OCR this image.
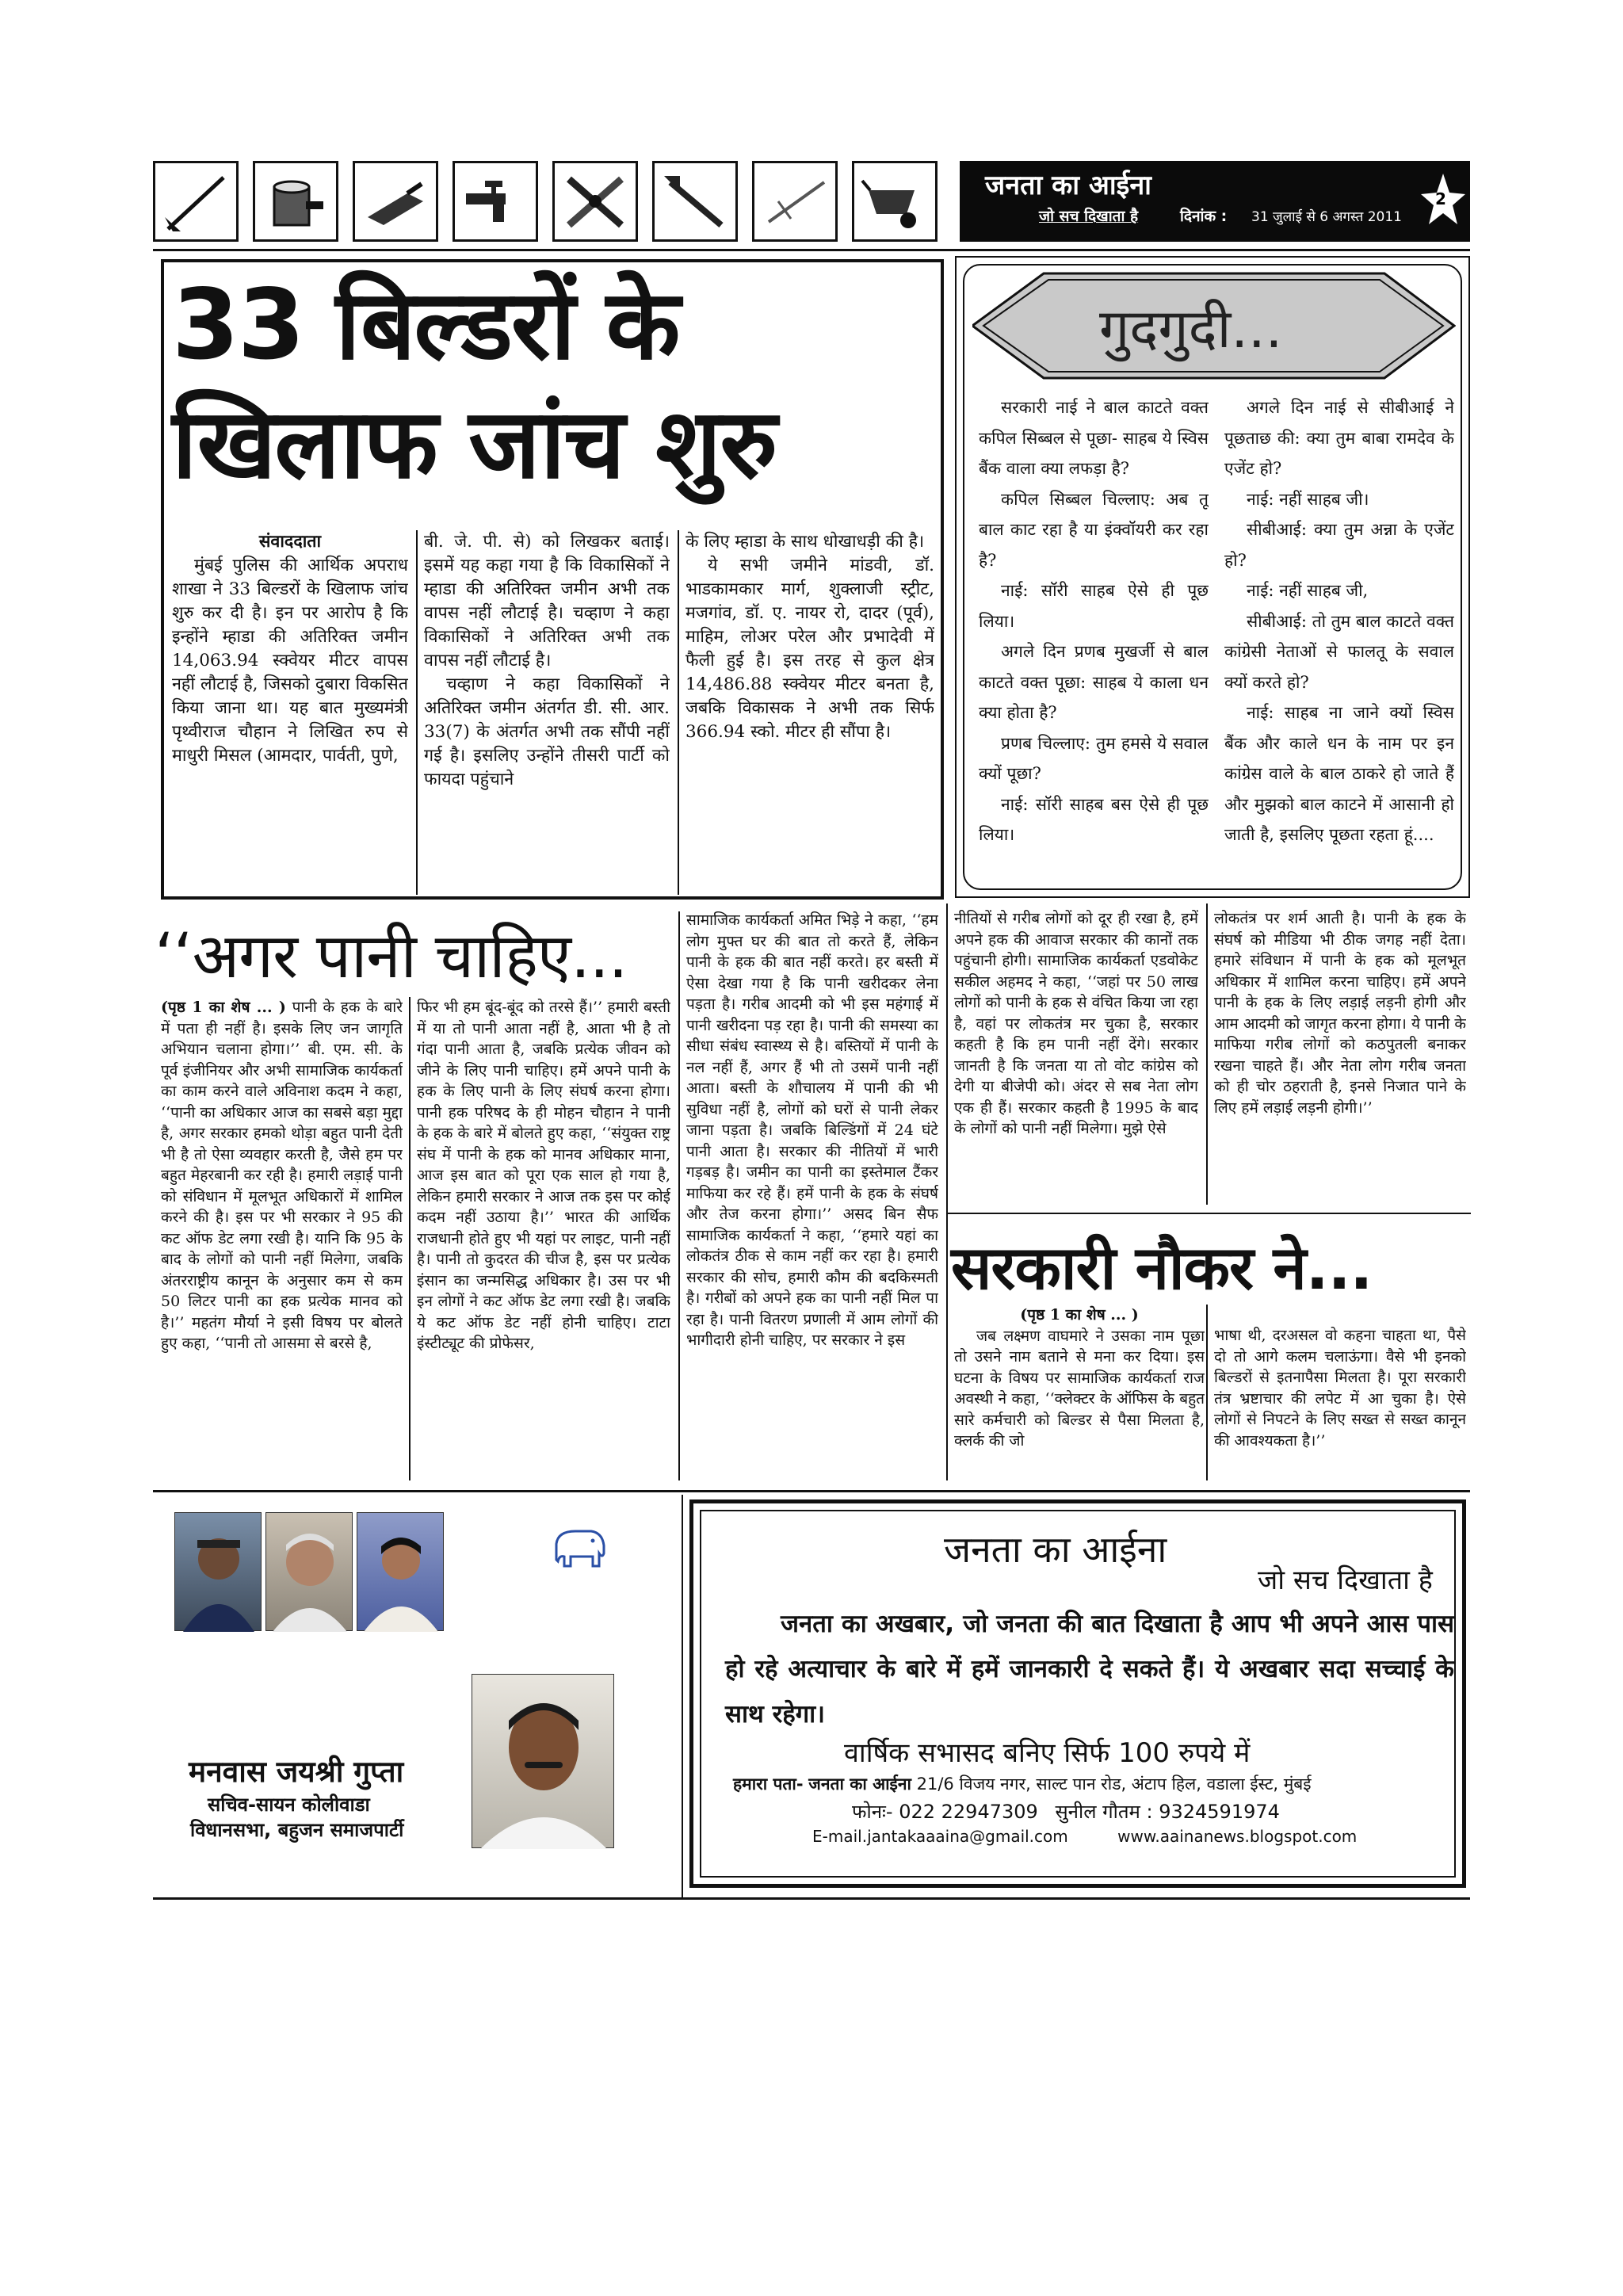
जनता का आईना
जो सच दिखाता है	दिनांक : 31 जुलाई से 6 अगस्त 2011
2
33 बिल्डरों के
खिलाफ जांच शुरु
संवाददाता

मुंबई पुलिस की आर्थिक अपराध शाखा ने 33 बिल्डरों के खिलाफ जांच शुरु कर दी है। इन पर आरोप है कि इन्होंने म्हाडा की अतिरिक्त जमीन 14,063.94 स्क्वेयर मीटर वापस नहीं लौटाई है, जिसको दुबारा विकसित किया जाना था। यह बात मुख्यमंत्री पृथ्वीराज चौहान ने लिखित रुप से माधुरी मिसल (आमदार, पार्वती, पुणे,

बी. जे. पी. से) को लिखकर बताई। इसमें यह कहा गया है कि विकासिकों ने म्हाडा की अतिरिक्त जमीन अभी तक वापस नहीं लौटाई है। चव्हाण ने कहा विकासिकों ने अतिरिक्त अभी तक वापस नहीं लौटाई है।

चव्हाण ने कहा विकासिकों ने अतिरिक्त जमीन अंतर्गत डी. सी. आर. 33(7) के अंतर्गत अभी तक सौंपी नहीं गई है। इसलिए उन्होंने तीसरी पार्टी को फायदा पहुंचाने

के लिए म्हाडा के साथ धोखाधड़ी की है।

ये सभी जमीने मांडवी, डॉ. भाडकामकार मार्ग, शुक्लाजी स्ट्रीट, मजगांव, डॉ. ए. नायर रो, दादर (पूर्व), माहिम, लोअर परेल और प्रभादेवी में फैली हुई है। इस तरह से कुल क्षेत्र 14,486.88 स्क्वेयर मीटर बनता है, जबकि विकासक ने अभी तक सिर्फ 366.94 स्को. मीटर ही सौंपा है।

गुदगुदी...

सरकारी नाई ने बाल काटते वक्त कपिल सिब्बल से पूछा- साहब ये स्विस बैंक वाला क्या लफड़ा है?

कपिल सिब्बल चिल्लाए: अब तू बाल काट रहा है या इंक्वॉयरी कर रहा है?

नाई: सॉरी साहब ऐसे ही पूछ लिया।

अगले दिन प्रणब मुखर्जी से बाल काटते वक्त पूछा: साहब ये काला धन क्या होता है?

प्रणब चिल्लाए: तुम हमसे ये सवाल क्यों पूछा?

नाई: सॉरी साहब बस ऐसे ही पूछ लिया।

अगले दिन नाई से सीबीआई ने पूछताछ की: क्या तुम बाबा रामदेव के एजेंट हो?

नाई: नहीं साहब जी।

सीबीआई: क्या तुम अन्ना के एजेंट हो?

नाई: नहीं साहब जी,

सीबीआई: तो तुम बाल काटते वक्त कांग्रेसी नेताओं से फालतू के सवाल क्यों करते हो?

नाई: साहब ना जाने क्यों स्विस बैंक और काले धन के नाम पर इन कांग्रेस वाले के बाल ठाकरे हो जाते हैं और मुझको बाल काटने में आसानी हो जाती है, इसलिए पूछता रहता हूं....

‘‘अगर पानी चाहिए...

(पृष्ठ 1 का शेष ... ) पानी के हक के बारे में पता ही नहीं है। इसके लिए जन जागृति अभियान चलाना होगा।’’ बी. एम. सी. के पूर्व इंजीनियर और अभी सामाजिक कार्यकर्ता का काम करने वाले अविनाश कदम ने कहा, ‘‘पानी का अधिकार आज का सबसे बड़ा मुद्दा है, अगर सरकार हमको थोड़ा बहुत पानी देती भी है तो ऐसा व्यवहार करती है, जैसे हम पर बहुत मेहरबानी कर रही है। हमारी लड़ाई पानी को संविधान में मूलभूत अधिकारों में शामिल करने की है। इस पर भी सरकार ने 95 की कट ऑफ डेट लगा रखी है। यानि कि 95 के बाद के लोगों को पानी नहीं मिलेगा, जबकि अंतरराष्ट्रीय कानून के अनुसार कम से कम 50 लिटर पानी का हक प्रत्येक मानव को है।’’ महतंग मौर्या ने इसी विषय पर बोलते हुए कहा, ‘‘पानी तो आसमा से बरसे है,

फिर भी हम बूंद-बूंद को तरसे हैं।’’ हमारी बस्ती में या तो पानी आता नहीं है, आता भी है तो गंदा पानी आता है, जबकि प्रत्येक जीवन को जीने के लिए पानी चाहिए। हमें अपने पानी के हक के लिए पानी के लिए संघर्ष करना होगा। पानी हक परिषद के ही मोहन चौहान ने पानी के हक के बारे में बोलते हुए कहा, ‘‘संयुक्त राष्ट्र संघ में पानी के हक को मानव अधिकार माना, आज इस बात को पूरा एक साल हो गया है, लेकिन हमारी सरकार ने आज तक इस पर कोई कदम नहीं उठाया है।’’ भारत की आर्थिक राजधानी होते हुए भी यहां पर लाइट, पानी नहीं है। पानी तो कुदरत की चीज है, इस पर प्रत्येक इंसान का जन्मसिद्ध अधिकार है। उस पर भी इन लोगों ने कट ऑफ डेट लगा रखी है। जबकि ये कट ऑफ डेट नहीं होनी चाहिए। टाटा इंस्टीट्यूट की प्रोफेसर,

सामाजिक कार्यकर्ता अमित भिड़े ने कहा, ‘‘हम लोग मुफ्त घर की बात तो करते हैं, लेकिन पानी के हक की बात नहीं करते। हर बस्ती में ऐसा देखा गया है कि पानी खरीदकर लेना पड़ता है। गरीब आदमी को भी इस महंगाई में पानी खरीदना पड़ रहा है। पानी की समस्या का सीधा संबंध स्वास्थ्य से है। बस्तियों में पानी के नल नहीं हैं, अगर हैं भी तो उसमें पानी नहीं आता। बस्ती के शौचालय में पानी की भी सुविधा नहीं है, लोगों को घरों से पानी लेकर जाना पड़ता है। जबकि बिल्डिंगों में 24 घंटे पानी आता है। सरकार की नीतियों में भारी गड़बड़ है। जमीन का पानी का इस्तेमाल टैंकर माफिया कर रहे हैं। हमें पानी के हक के संघर्ष और तेज करना होगा।’’ असद बिन सैफ सामाजिक कार्यकर्ता ने कहा, ‘‘हमारे यहां का लोकतंत्र ठीक से काम नहीं कर रहा है। हमारी सरकार की सोच, हमारी कौम की बदकिस्मती है। गरीबों को अपने हक का पानी नहीं मिल पा रहा है। पानी वितरण प्रणाली में आम लोगों की भागीदारी होनी चाहिए, पर सरकार ने इस

नीतियों से गरीब लोगों को दूर ही रखा है, हमें अपने हक की आवाज सरकार की कानों तक पहुंचानी होगी। सामाजिक कार्यकर्ता एडवोकेट सकील अहमद ने कहा, ‘‘जहां पर 50 लाख लोगों को पानी के हक से वंचित किया जा रहा है, वहां पर लोकतंत्र मर चुका है, सरकार कहती है कि हम पानी नहीं देंगे। सरकार जानती है कि जनता या तो वोट कांग्रेस को देगी या बीजेपी को। अंदर से सब नेता लोग एक ही हैं। सरकार कहती है 1995 के बाद के लोगों को पानी नहीं मिलेगा। मुझे ऐसे

लोकतंत्र पर शर्म आती है। पानी के हक के संघर्ष को मीडिया भी ठीक जगह नहीं देता। हमारे संविधान में पानी के हक को मूलभूत अधिकार में शामिल करना चाहिए। हमें अपने पानी के हक के लिए लड़ाई लड़नी होगी और आम आदमी को जागृत करना होगा। ये पानी के माफिया गरीब लोगों को कठपुतली बनाकर रखना चाहते हैं। और नेता लोग गरीब जनता को ही चोर ठहराती है, इनसे निजात पाने के लिए हमें लड़ाई लड़नी होगी।’’

सरकारी नौकर ने...
(पृष्ठ 1 का शेष ... )

जब लक्ष्मण वाघमारे ने उसका नाम पूछा तो उसने नाम बताने से मना कर दिया। इस घटना के विषय पर सामाजिक कार्यकर्ता राज अवस्थी ने कहा, ‘‘क्लेक्टर के ऑफिस के बहुत सारे कर्मचारी को बिल्डर से पैसा मिलता है, क्लर्क की जो

भाषा थी, दरअसल वो कहना चाहता था, पैसे दो तो आगे कलम चलाऊंगा। वैसे भी इनको बिल्डरों से इतनापैसा मिलता है। पूरा सरकारी तंत्र भ्रष्टाचार की लपेट में आ चुका है। ऐसे लोगों से निपटने के लिए सख्त से सख्त कानून की आवश्यकता है।’’

मनवास जयश्री गुप्ता
सचिव-सायन कोलीवाडा
विधानसभा, बहुजन समाजपार्टी
जनता का आईना
जो सच दिखाता है
जनता का अखबार, जो जनता की बात दिखाता है आप भी अपने आस पास हो रहे अत्याचार के बारे में हमें जानकारी दे सकते हैं। ये अखबार सदा सच्चाई के साथ रहेगा।
वार्षिक सभासद बनिए सिर्फ 100 रुपये में
हमारा पता- जनता का आईना 21/6 विजय नगर, साल्ट पान रोड, अंटाप हिल, वडाला ईस्ट, मुंबई
फोनः- 022 22947309 सुनील गौतम : 9324591974
E-mail.jantakaaaina@gmail.com	www.aainanews.blogspot.com
